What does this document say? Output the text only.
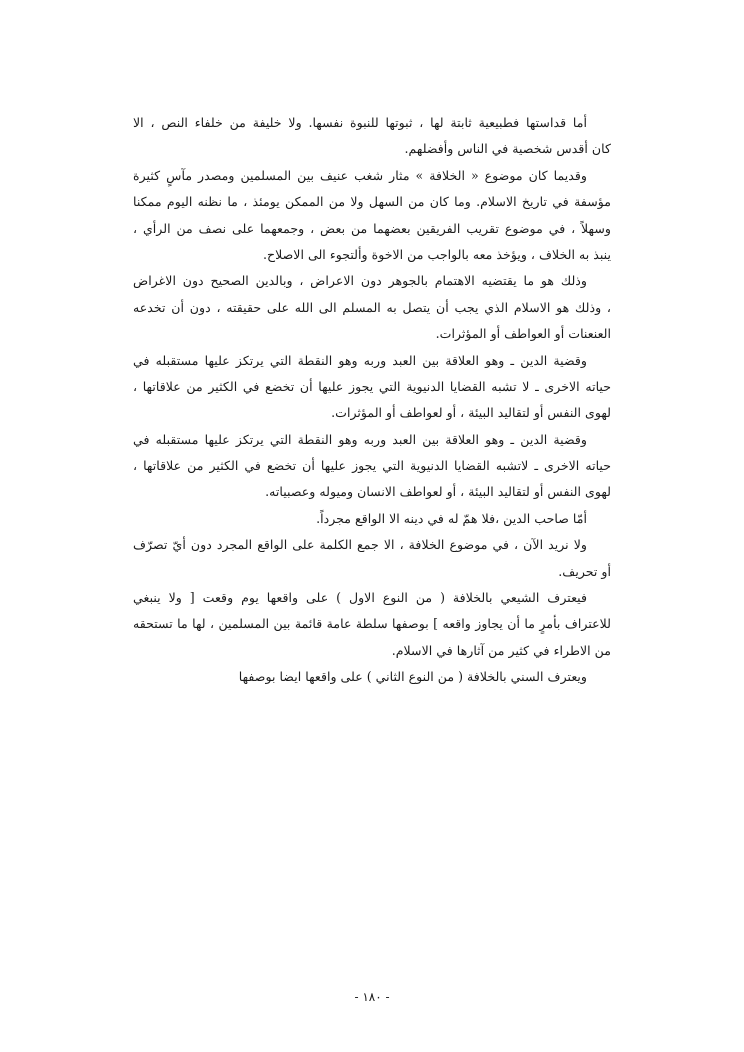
أما قداستها فطبيعية ثابتة لها ، ثبوتها للنبوة نفسها. ولا خليفة من خلفاء النص ، الا
كان أقدس شخصية في الناس وأفضلهم.
وقديما كان موضوع « الخلافة » مثار شغب عنيف بين المسلمين ومصدر مآسٍ كثيرة
مؤسفة في تاريخ الاسلام. وما كان من السهل ولا من الممكن يومئذ ، ما نظنه اليوم ممكنا
وسهلاً ، في موضوع تقريب الفريقين بعضهما من بعض ، وجمعهما على نصف من الرأي ،
ينبذ به الخلاف ، ويؤخذ معه بالواجب من الاخوة وألتجوء الى الاصلاح.
وذلك هو ما يقتضيه الاهتمام بالجوهر دون الاعراض ، وبالدين الصحيح دون الاغراض
، وذلك هو الاسلام الذي يجب أن يتصل به المسلم الى الله على حقيقته ، دون أن تخدعه
العنعنات أو العواطف أو المؤثرات.
وقضية الدين ـ وهو العلاقة بين العبد وربه وهو النقطة التي يرتكز عليها مستقبله في
حياته الاخرى ـ لا تشبه القضايا الدنيوية التي يجوز عليها أن تخضع في الكثير من علاقاتها ،
لهوى النفس أو لتقاليد البيئة ، أو لعواطف أو المؤثرات.
وقضية الدين ـ وهو العلاقة بين العبد وربه وهو النقطة التي يرتكز عليها مستقبله في
حياته الاخرى ـ لاتشبه القضايا الدنيوية التي يجوز عليها أن تخضع في الكثير من علاقاتها ،
لهوى النفس أو لتقاليد البيئة ، أو لعواطف الانسان وميوله وعصبياته.
أمّا صاحب الدين ،فلا همّ له في دينه الا الواقع مجرداً.
ولا نريد الآن ، في موضوع الخلافة ، الا جمع الكلمة على الواقع المجرد دون أيّ تصرّف
أو تحريف.
فيعترف الشيعي بالخلافة ( من النوع الاول ) على واقعها يوم وقعت [ ولا ينبغي
للاعتراف بأمرٍ ما أن يجاوز واقعه ] بوصفها سلطة عامة قائمة بين المسلمين ، لها ما تستحقه
من الاطراء في كثير من آثارها في الاسلام.
ويعترف السني بالخلافة ( من النوع الثاني ) على واقعها ايضا بوصفها
- ١٨٠ -
